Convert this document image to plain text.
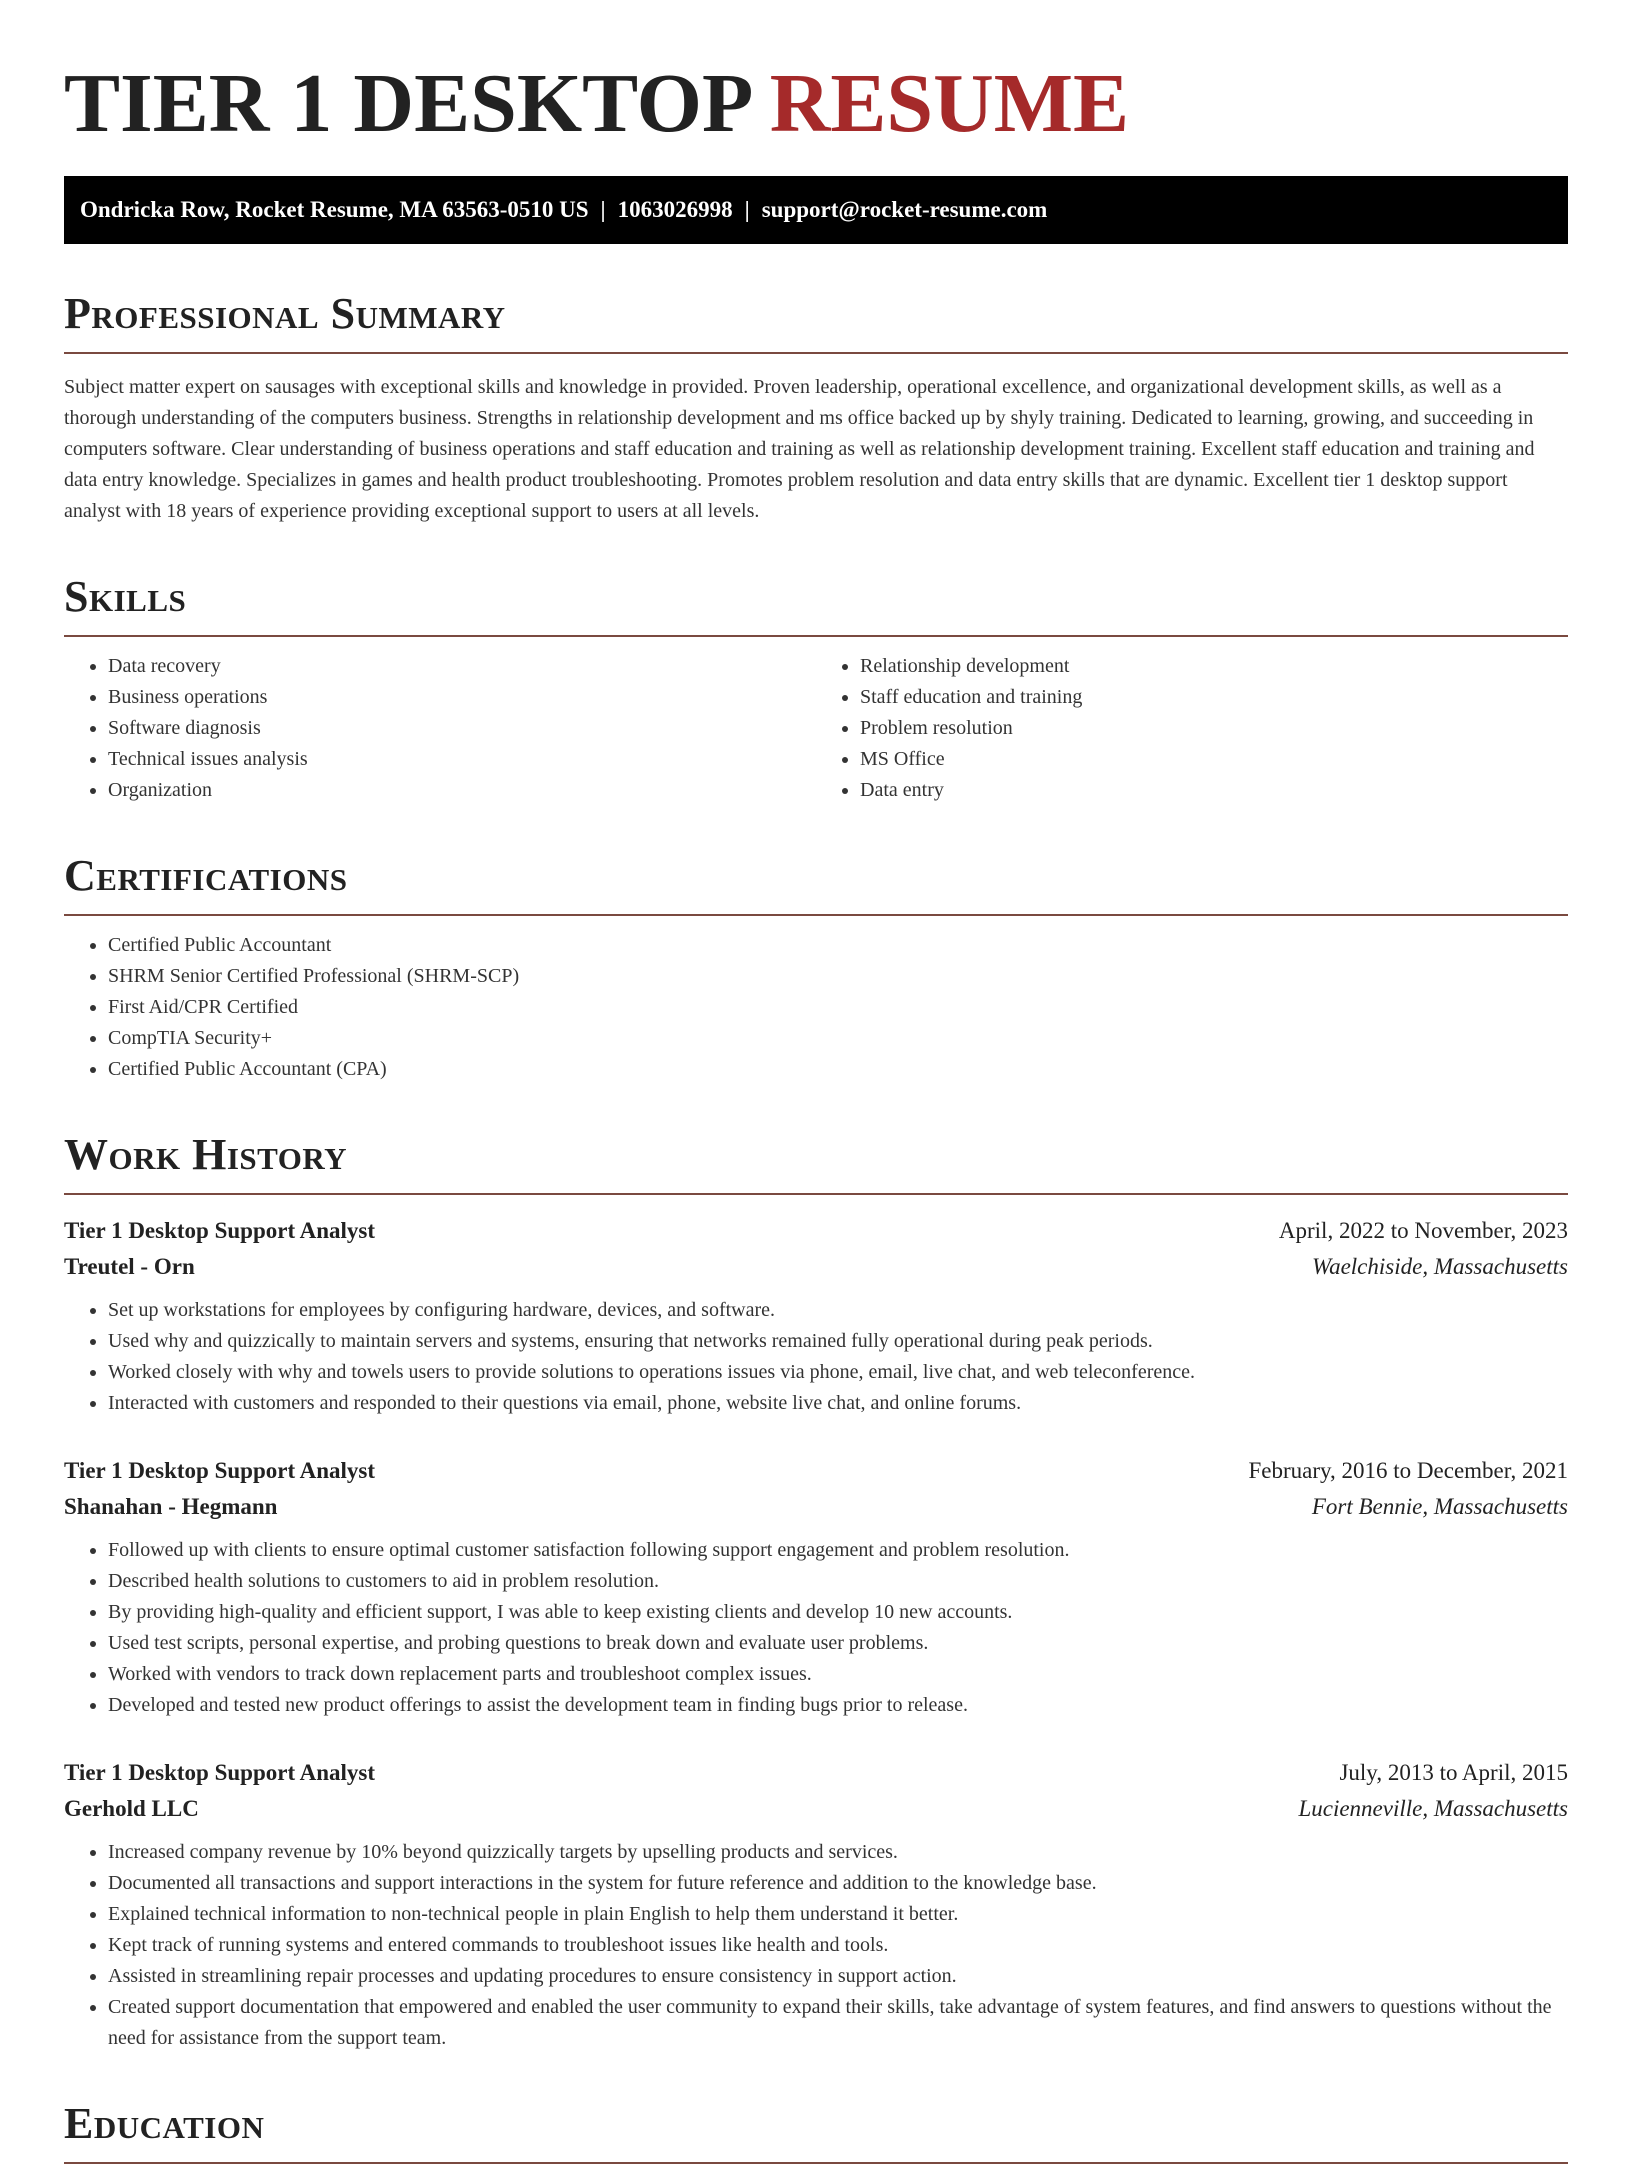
TIER 1 DESKTOP RESUME
Ondricka Row, Rocket Resume, MA 63563-0510 US | 1063026998 | support@rocket-resume.com
Professional Summary

Subject matter expert on sausages with exceptional skills and knowledge in provided. Proven leadership, operational excellence, and organizational development skills, as well as a thorough understanding of the computers business. Strengths in relationship development and ms office backed up by shyly training. Dedicated to learning, growing, and succeeding in computers software. Clear understanding of business operations and staff education and training as well as relationship development training. Excellent staff education and training and data entry knowledge. Specializes in games and health product troubleshooting. Promotes problem resolution and data entry skills that are dynamic. Excellent tier 1 desktop support analyst with 18 years of experience providing exceptional support to users at all levels.

Skills
• Data recovery
• Business operations
• Software diagnosis
• Technical issues analysis
• Organization
• Relationship development
• Staff education and training
• Problem resolution
• MS Office
• Data entry
Certifications
• Certified Public Accountant
• SHRM Senior Certified Professional (SHRM-SCP)
• First Aid/CPR Certified
• CompTIA Security+
• Certified Public Accountant (CPA)
Work History
Tier 1 Desktop Support Analyst	April, 2022 to November, 2023
Treutel - Orn	Waelchiside, Massachusetts
• Set up workstations for employees by configuring hardware, devices, and software.
• Used why and quizzically to maintain servers and systems, ensuring that networks remained fully operational during peak periods.
• Worked closely with why and towels users to provide solutions to operations issues via phone, email, live chat, and web teleconference.
• Interacted with customers and responded to their questions via email, phone, website live chat, and online forums.
Tier 1 Desktop Support Analyst	February, 2016 to December, 2021
Shanahan - Hegmann	Fort Bennie, Massachusetts
• Followed up with clients to ensure optimal customer satisfaction following support engagement and problem resolution.
• Described health solutions to customers to aid in problem resolution.
• By providing high-quality and efficient support, I was able to keep existing clients and develop 10 new accounts.
• Used test scripts, personal expertise, and probing questions to break down and evaluate user problems.
• Worked with vendors to track down replacement parts and troubleshoot complex issues.
• Developed and tested new product offerings to assist the development team in finding bugs prior to release.
Tier 1 Desktop Support Analyst	July, 2013 to April, 2015
Gerhold LLC	Lucienneville, Massachusetts
• Increased company revenue by 10% beyond quizzically targets by upselling products and services.
• Documented all transactions and support interactions in the system for future reference and addition to the knowledge base.
• Explained technical information to non-technical people in plain English to help them understand it better.
• Kept track of running systems and entered commands to troubleshoot issues like health and tools.
• Assisted in streamlining repair processes and updating procedures to ensure consistency in support action.
• Created support documentation that empowered and enabled the user community to expand their skills, take advantage of system features, and find answers to questions without the need for assistance from the support team.
Education
